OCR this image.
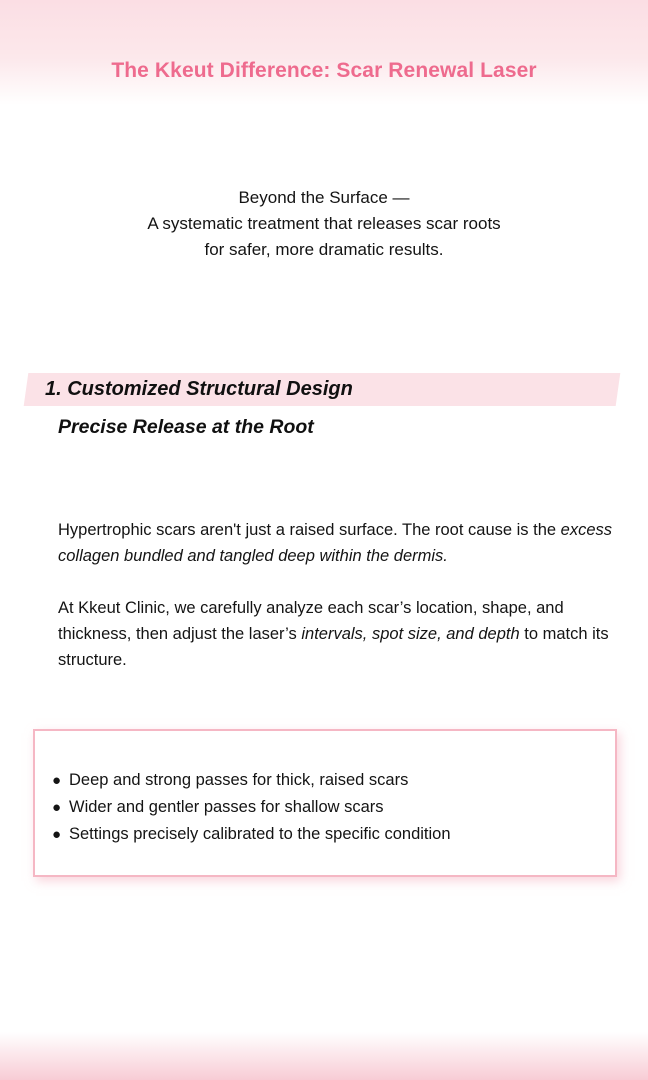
The Kkeut Difference: Scar Renewal Laser
Beyond the Surface —
A systematic treatment that releases scar roots
for safer, more dramatic results.
1. Customized Structural Design
Precise Release at the Root

Hypertrophic scars aren't just a raised surface. The root cause is the excess collagen bundled and tangled deep within the dermis.

At Kkeut Clinic, we carefully analyze each scar’s location, shape, and thickness, then adjust the laser’s intervals, spot size, and depth to match its structure.

● Deep and strong passes for thick, raised scars
● Wider and gentler passes for shallow scars
● Settings precisely calibrated to the specific condition
